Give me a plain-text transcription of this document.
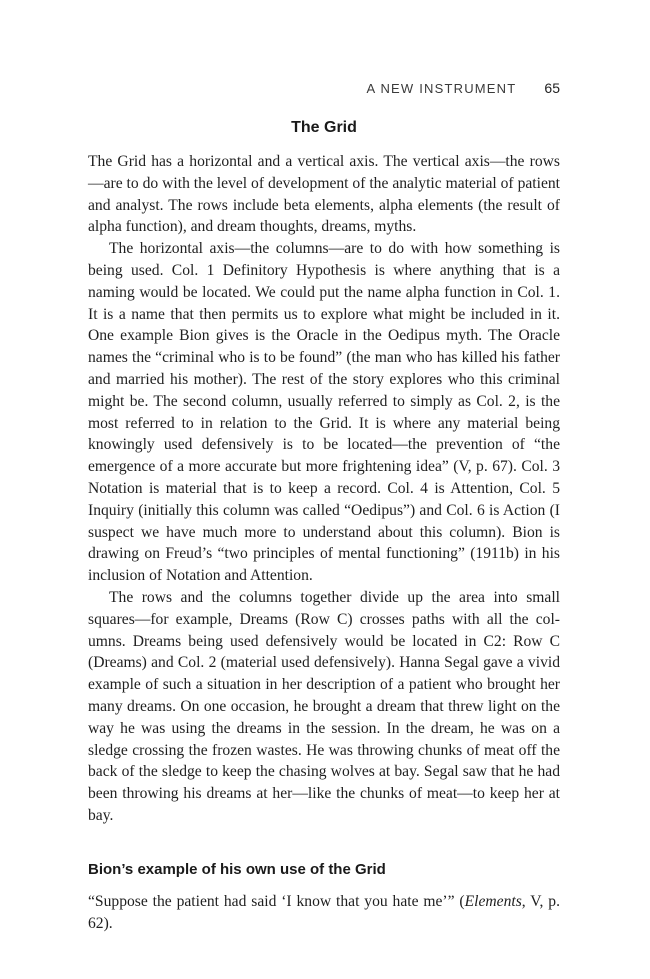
A NEW INSTRUMENT 65
The Grid

The Grid has a horizontal and a vertical axis. The vertical axis—the rows—are to do with the level of development of the analytic material of patient and analyst. The rows include beta elements, alpha elements (the result of alpha function), and dream thoughts, dreams, myths.

The horizontal axis—the columns—are to do with how something is being used. Col. 1 Definitory Hypothesis is where anything that is a naming would be located. We could put the name alpha function in Col. 1. It is a name that then permits us to explore what might be included in it. One example Bion gives is the Oracle in the Oedipus myth. The Oracle names the “criminal who is to be found” (the man who has killed his father and married his mother). The rest of the story explores who this criminal might be. The second column, usually referred to simply as Col. 2, is the most referred to in relation to the Grid. It is where any material being knowingly used defensively is to be located—the prevention of “the emergence of a more accurate but more frightening idea” (V, p. 67). Col. 3 Notation is material that is to keep a record. Col. 4 is Attention, Col. 5 Inquiry (initially this column was called “Oedipus”) and Col. 6 is Action (I suspect we have much more to understand about this column). Bion is drawing on Freud’s “two principles of mental functioning” (1911b) in his inclusion of Notation and Attention.

The rows and the columns together divide up the area into small squares—for example, Dreams (Row C) crosses paths with all the columns. Dreams being used defensively would be located in C2: Row C (Dreams) and Col. 2 (material used defensively). Hanna Segal gave a vivid example of such a situation in her description of a patient who brought her many dreams. On one occasion, he brought a dream that threw light on the way he was using the dreams in the session. In the dream, he was on a sledge crossing the frozen wastes. He was throwing chunks of meat off the back of the sledge to keep the chasing wolves at bay. Segal saw that he had been throwing his dreams at her—like the chunks of meat—to keep her at bay.

Bion’s example of his own use of the Grid

“Suppose the patient had said ‘I know that you hate me’” (Elements, V, p. 62).
